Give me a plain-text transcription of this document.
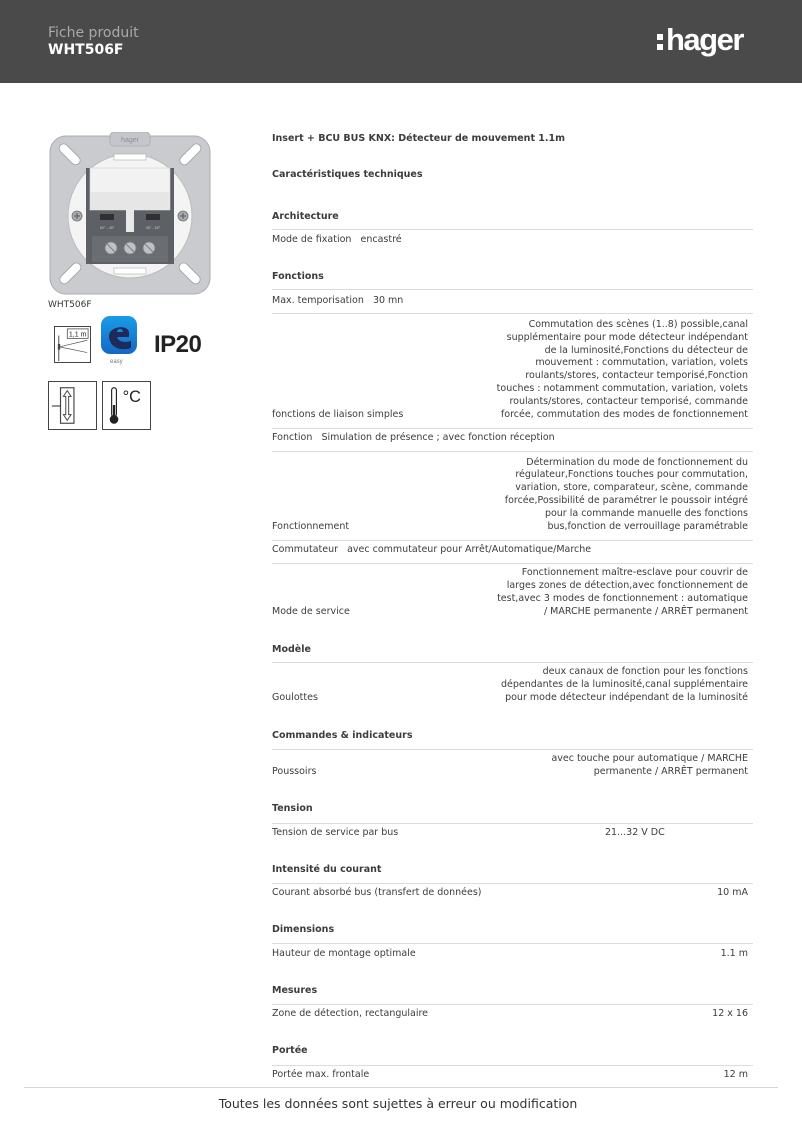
Fiche produit
WHT506F	hager
hager
60° .. 45°	45° .. 60°
WHT506F
1,1 m
easy
IP20
°C
Insert + BCU BUS KNX: Détecteur de mouvement 1.1m
Caractéristiques techniques
Architecture
Mode de fixation encastré
Fonctions
Max. temporisation 30 mn
fonctions de liaison simples
Commutation des scènes (1..8) possible,canal
supplémentaire pour mode détecteur indépendant
de la luminosité,Fonctions du détecteur de
mouvement : commutation, variation, volets
roulants/stores, contacteur temporisé,Fonction
touches : notamment commutation, variation, volets
roulants/stores, contacteur temporisé, commande
forcée, commutation des modes de fonctionnement
Fonction Simulation de présence ; avec fonction réception
Fonctionnement
Détermination du mode de fonctionnement du
régulateur,Fonctions touches pour commutation,
variation, store, comparateur, scène, commande
forcée,Possibilité de paramétrer le poussoir intégré
pour la commande manuelle des fonctions
bus,fonction de verrouillage paramétrable
Commutateur avec commutateur pour Arrêt/Automatique/Marche
Mode de service
Fonctionnement maître-esclave pour couvrir de
larges zones de détection,avec fonctionnement de
test,avec 3 modes de fonctionnement : automatique
/ MARCHE permanente / ARRÊT permanent
Modèle
Goulottes
deux canaux de fonction pour les fonctions
dépendantes de la luminosité,canal supplémentaire
pour mode détecteur indépendant de la luminosité
Commandes & indicateurs
Poussoirs
avec touche pour automatique / MARCHE
permanente / ARRÊT permanent
Tension
Tension de service par bus	21...32 V DC
Intensité du courant
Courant absorbé bus (transfert de données)	10 mA
Dimensions
Hauteur de montage optimale	1.1 m
Mesures
Zone de détection, rectangulaire	12 x 16
Portée
Portée max. frontale	12 m
Toutes les données sont sujettes à erreur ou modification
